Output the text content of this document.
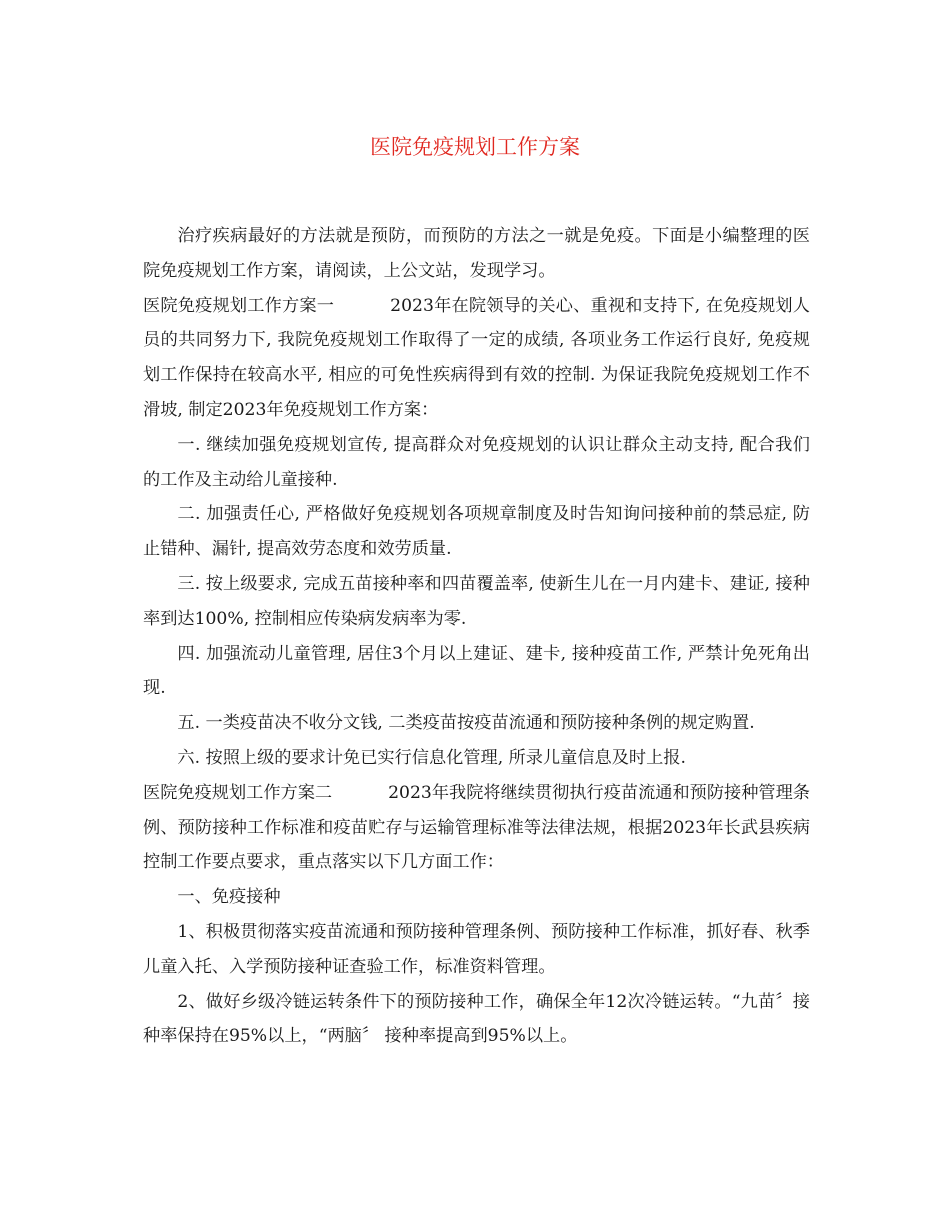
医院免疫规划工作方案

治疗疾病最好的方法就是预防，而预防的方法之一就是免疫。下面是小编整理的医院免疫规划工作方案，请阅读，上公文站，发现学习。

医院免疫规划工作方案一	2023年在院领导的关心、重视和支持下, 在免疫规划人员的共同努力下, 我院免疫规划工作取得了一定的成绩, 各项业务工作运行良好, 免疫规划工作保持在较高水平, 相应的可免性疾病得到有效的控制. 为保证我院免疫规划工作不滑坡, 制定2023年免疫规划工作方案：

一. 继续加强免疫规划宣传, 提高群众对免疫规划的认识让群众主动支持, 配合我们的工作及主动给儿童接种.

二. 加强责任心, 严格做好免疫规划各项规章制度及时告知询问接种前的禁忌症, 防止错种、漏针, 提高效劳态度和效劳质量.

三. 按上级要求, 完成五苗接种率和四苗覆盖率, 使新生儿在一月内建卡、建证, 接种率到达100%, 控制相应传染病发病率为零.

四. 加强流动儿童管理, 居住3个月以上建证、建卡, 接种疫苗工作, 严禁计免死角出现.

五. 一类疫苗决不收分文钱, 二类疫苗按疫苗流通和预防接种条例的规定购置.

六. 按照上级的要求计免已实行信息化管理, 所录儿童信息及时上报.

医院免疫规划工作方案二	2023年我院将继续贯彻执行疫苗流通和预防接种管理条例、预防接种工作标准和疫苗贮存与运输管理标准等法律法规，根据2023年长武县疾病控制工作要点要求，重点落实以下几方面工作：

一、免疫接种

1、积极贯彻落实疫苗流通和预防接种管理条例、预防接种工作标准，抓好春、秋季儿童入托、入学预防接种证查验工作，标准资料管理。

2、做好乡级冷链运转条件下的预防接种工作，确保全年12次冷链运转。“九苗〞接种率保持在95%以上，“两脑〞 接种率提高到95%以上。
